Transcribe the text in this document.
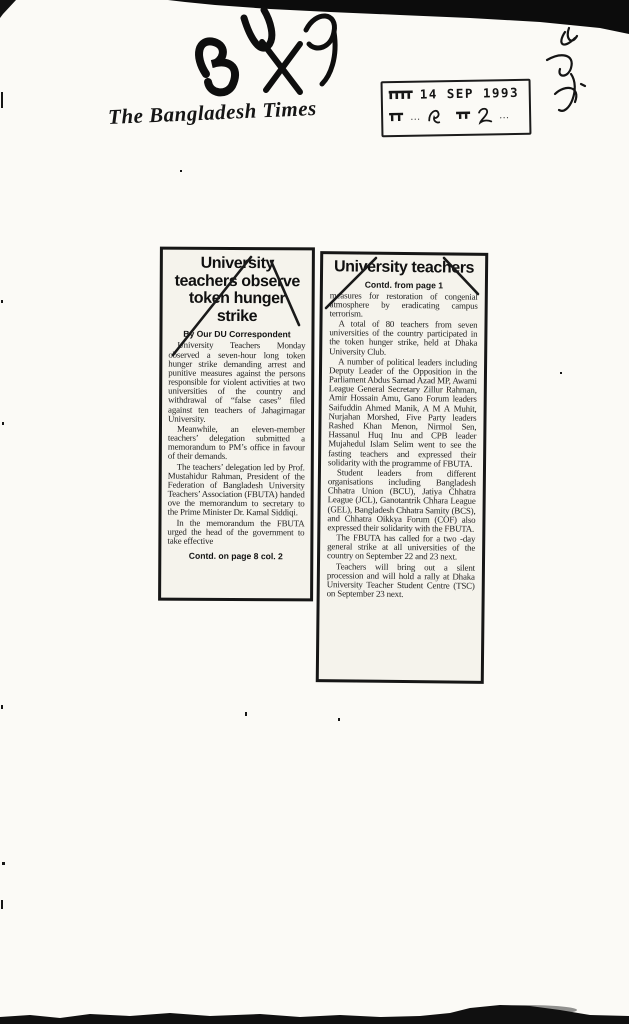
The Bangladesh Times
14 SEP 1993
…	…
University teachers observe token hunger strike
By Our DU Correspondent

University Teachers Monday observed a seven-hour long token hunger strike demanding arrest and punitive measures against the persons responsible for violent activities at two universities of the country and withdrawal of “false cases” filed against ten teachers of Jahagirnagar University.

Meanwhile, an eleven-member teachers’ delegation submitted a memorandum to PM’s office in favour of their demands.

The teachers’ delegation led by Prof. Mustahidur Rahman, President of the Federation of Bangladesh University Teachers’ Association (FBUTA) handed ove the memorandum to secretary to the Prime Minister Dr. Kamal Siddiqi.

In the memorandum the FBUTA urged the head of the government to take effective

Contd. on page 8 col. 2
University teachers
Contd. from page 1

measures for restoration of congenial atmosphere by eradicating campus terrorism.

A total of 80 teachers from seven universities of the country participated in the token hunger strike, held at Dhaka University Club.

A number of political leaders including Deputy Leader of the Opposition in the Parliament Abdus Samad Azad MP, Awami League General Secretary Zillur Rahman, Amir Hossain Amu, Gano Forum leaders Saifuddin Ahmed Manik, A M A Muhit, Nurjahan Morshed, Five Party leaders Rashed Khan Menon, Nirmol Sen, Hassanul Huq Inu and CPB leader Mujahedul Islam Selim went to see the fasting teachers and expressed their solidarity with the programme of FBUTA.

Student leaders from different organisations including Bangladesh Chhatra Union (BCU), Jatiya Chhatra League (JCL), Ganotantrik Chhara League (GEL), Bangladesh Chhatra Samity (BCS), and Chhatra Oikkya Forum (COF) also expressed their solidarity with the FBUTA.

The FBUTA has called for a two -day general strike at all universities of the country on September 22 and 23 next.

Teachers will bring out a silent procession and will hold a rally at Dhaka University Teacher Student Centre (TSC) on September 23 next.
